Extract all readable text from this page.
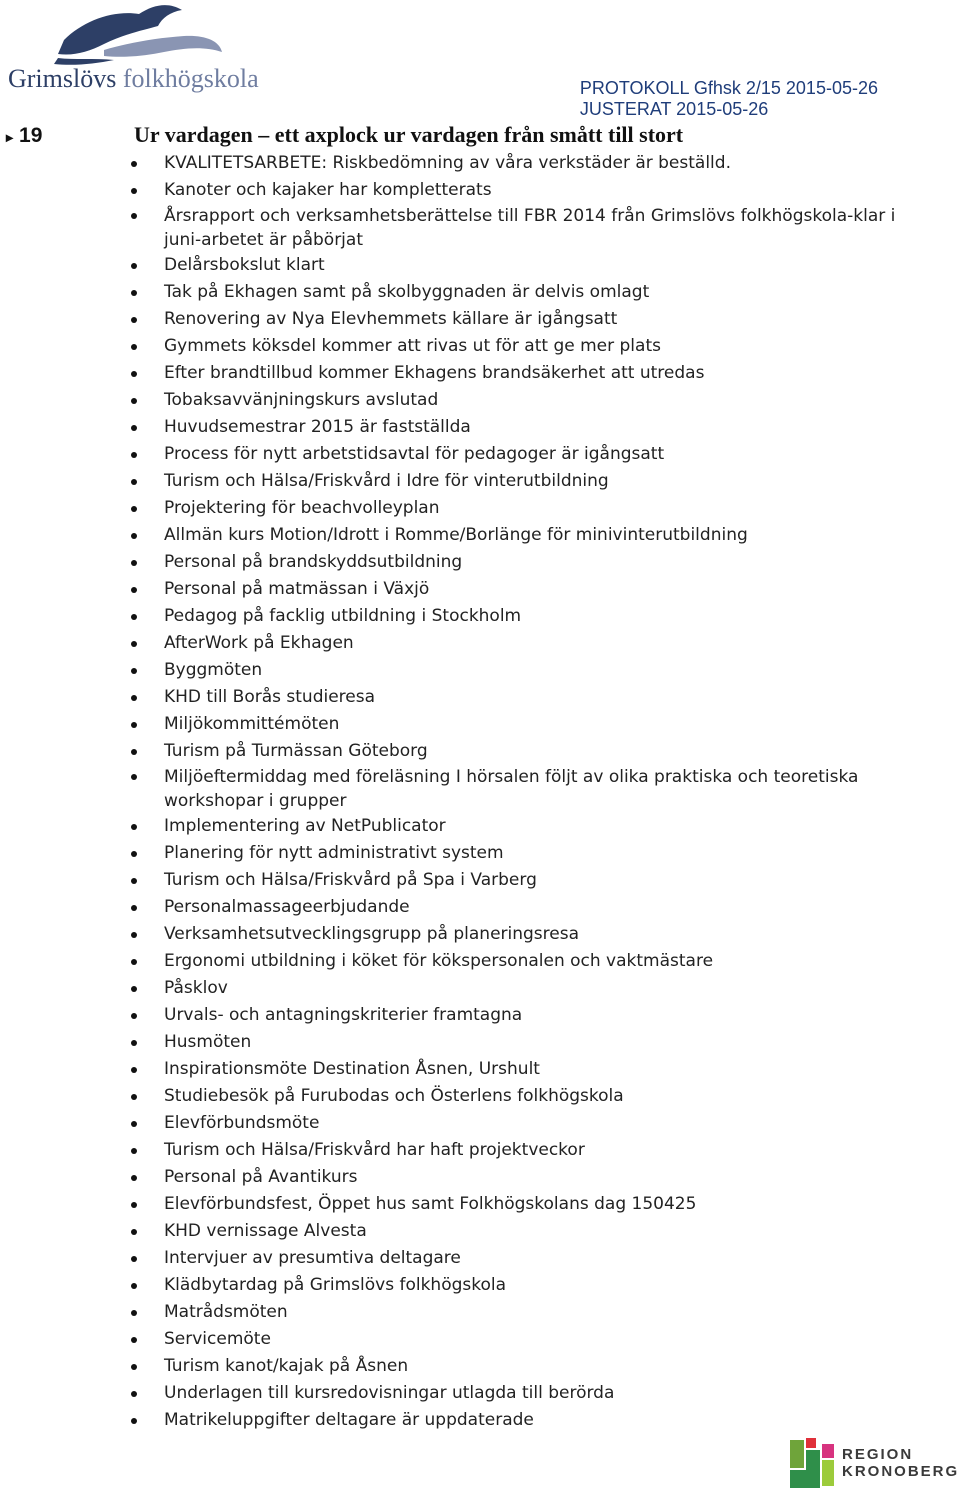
Grimslövs folkhögskola	PROTOKOLL Gfhsk 2/15 2015-05-26
JUSTERAT 2015-05-26
▸ 19	Ur vardagen – ett axplock ur vardagen från smått till stort
KVALITETSARBETE: Riskbedömning av våra verkstäder är beställd.
Kanoter och kajaker har kompletterats
Årsrapport och verksamhetsberättelse till FBR 2014 från Grimslövs folkhögskola-klar i juni-arbetet är påbörjat
Delårsbokslut klart
Tak på Ekhagen samt på skolbyggnaden är delvis omlagt
Renovering av Nya Elevhemmets källare är igångsatt
Gymmets köksdel kommer att rivas ut för att ge mer plats
Efter brandtillbud kommer Ekhagens brandsäkerhet att utredas
Tobaksavvänjningskurs avslutad
Huvudsemestrar 2015 är fastställda
Process för nytt arbetstidsavtal för pedagoger är igångsatt
Turism och Hälsa/Friskvård i Idre för vinterutbildning
Projektering för beachvolleyplan
Allmän kurs Motion/Idrott i Romme/Borlänge för minivinterutbildning
Personal på brandskyddsutbildning
Personal på matmässan i Växjö
Pedagog på facklig utbildning i Stockholm
AfterWork på Ekhagen
Byggmöten
KHD till Borås studieresa
Miljökommittémöten
Turism på Turmässan Göteborg
Miljöeftermiddag med föreläsning I hörsalen följt av olika praktiska och teoretiska workshopar i grupper
Implementering av NetPublicator
Planering för nytt administrativt system
Turism och Hälsa/Friskvård på Spa i Varberg
Personalmassageerbjudande
Verksamhetsutvecklingsgrupp på planeringsresa
Ergonomi utbildning i köket för kökspersonalen och vaktmästare
Påsklov
Urvals- och antagningskriterier framtagna
Husmöten
Inspirationsmöte Destination Åsnen, Urshult
Studiebesök på Furubodas och Österlens folkhögskola
Elevförbundsmöte
Turism och Hälsa/Friskvård har haft projektveckor
Personal på Avantikurs
Elevförbundsfest, Öppet hus samt Folkhögskolans dag 150425
KHD vernissage Alvesta
Intervjuer av presumtiva deltagare
Klädbytardag på Grimslövs folkhögskola
Matrådsmöten
Servicemöte
Turism kanot/kajak på Åsnen
Underlagen till kursredovisningar utlagda till berörda
Matrikeluppgifter deltagare är uppdaterade
REGION
KRONOBERG
